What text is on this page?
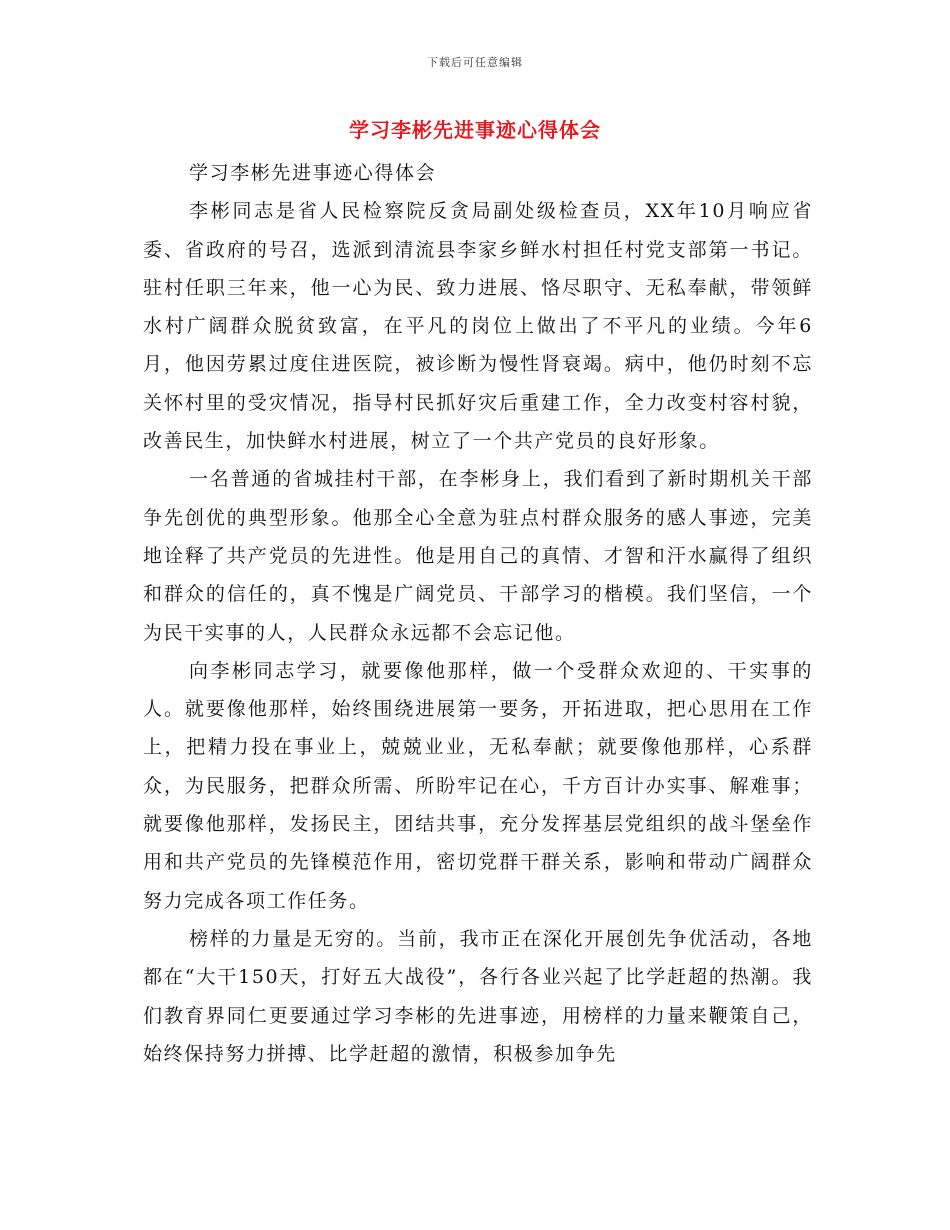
下载后可任意编辑
学习李彬先进事迹心得体会

学习李彬先进事迹心得体会

李彬同志是省人民检察院反贪局副处级检查员，XX年10月响应省委、省政府的号召，选派到清流县李家乡鲜水村担任村党支部第一书记。驻村任职三年来，他一心为民、致力进展、恪尽职守、无私奉献，带领鲜水村广阔群众脱贫致富，在平凡的岗位上做出了不平凡的业绩。今年6月，他因劳累过度住进医院，被诊断为慢性肾衰竭。病中，他仍时刻不忘关怀村里的受灾情况，指导村民抓好灾后重建工作，全力改变村容村貌，改善民生，加快鲜水村进展，树立了一个共产党员的良好形象。

一名普通的省城挂村干部，在李彬身上，我们看到了新时期机关干部争先创优的典型形象。他那全心全意为驻点村群众服务的感人事迹，完美地诠释了共产党员的先进性。他是用自己的真情、才智和汗水赢得了组织和群众的信任的，真不愧是广阔党员、干部学习的楷模。我们坚信，一个为民干实事的人，人民群众永远都不会忘记他。

向李彬同志学习，就要像他那样，做一个受群众欢迎的、干实事的人。就要像他那样，始终围绕进展第一要务，开拓进取，把心思用在工作上，把精力投在事业上，兢兢业业，无私奉献；就要像他那样，心系群众，为民服务，把群众所需、所盼牢记在心，千方百计办实事、解难事；就要像他那样，发扬民主，团结共事，充分发挥基层党组织的战斗堡垒作用和共产党员的先锋模范作用，密切党群干群关系，影响和带动广阔群众努力完成各项工作任务。

榜样的力量是无穷的。当前，我市正在深化开展创先争优活动，各地都在“大干150天，打好五大战役”，各行各业兴起了比学赶超的热潮。我们教育界同仁更要通过学习李彬的先进事迹，用榜样的力量来鞭策自己，始终保持努力拼搏、比学赶超的激情，积极参加争先
